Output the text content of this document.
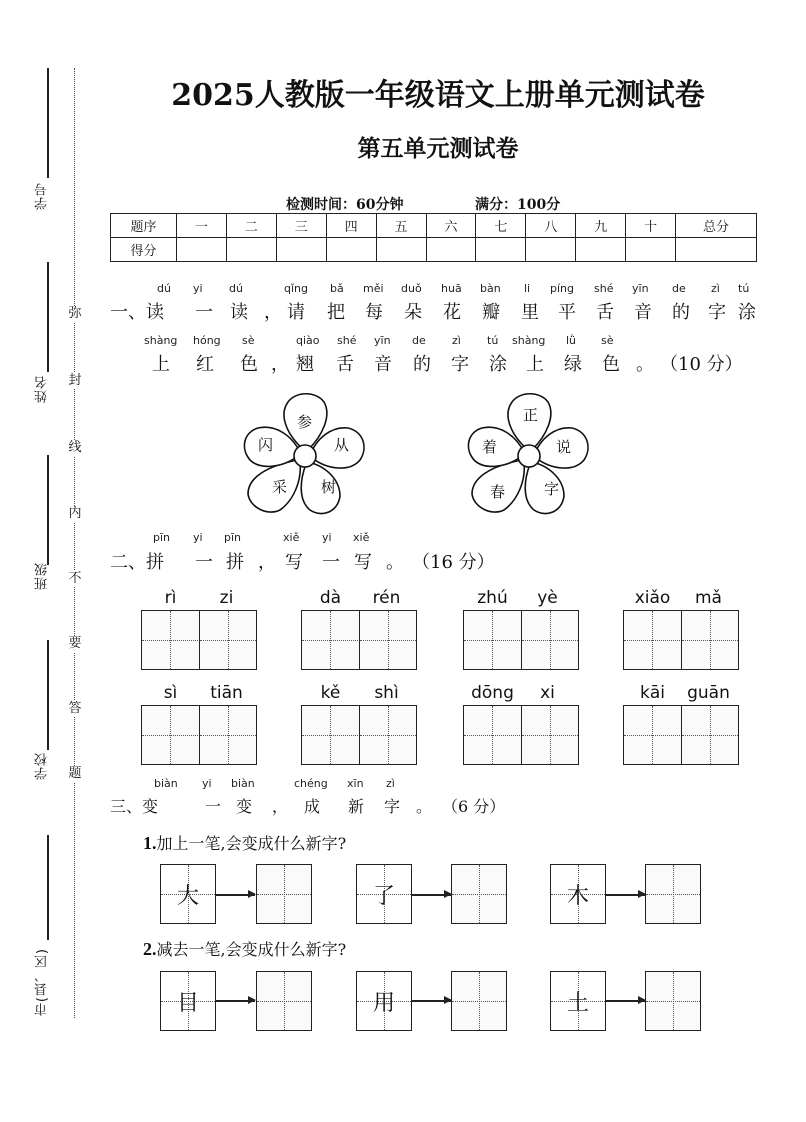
学号
姓名
班级
学校
市(县、区)
弥
封
线
内
不
要
答
题
2025人教版一年级语文上册单元测试卷
第五单元测试卷
检测时间：60分钟	满分：100分
题序	一	二	三	四	五	六	七	八	九	十	总分
得分											
dú yi dú	qǐng bǎ měi duǒ huā bàn li píng shé yīn de zì tú
一、读 一 读 ， 请 把 每 朵 花 瓣 里 平 舌 音 的 字 涂
shàng hóng sè	qiào shé yīn de zì tú shàng lǜ sè
上 红 色 ， 翘 舌 音 的 字 涂 上 绿 色 。 （10 分）
参
从
树
采
闪
正
说
字
春
着
pīn yi pīn	xiě yi xiě
二、拼 一 拼 ， 写 一 写 。 （16 分）
rì	zi	dà	rén	zhú	yè	xiǎo	mǎ
sì	tiān	kě	shì	dōng	xi	kāi	guān
biàn yi biàn	chéng xīn zì
三、变	一 变 ， 成 新 字 。 （6 分）
1.加上一笔,会变成什么新字?
大	了	木
2.减去一笔,会变成什么新字?
目	用	土
